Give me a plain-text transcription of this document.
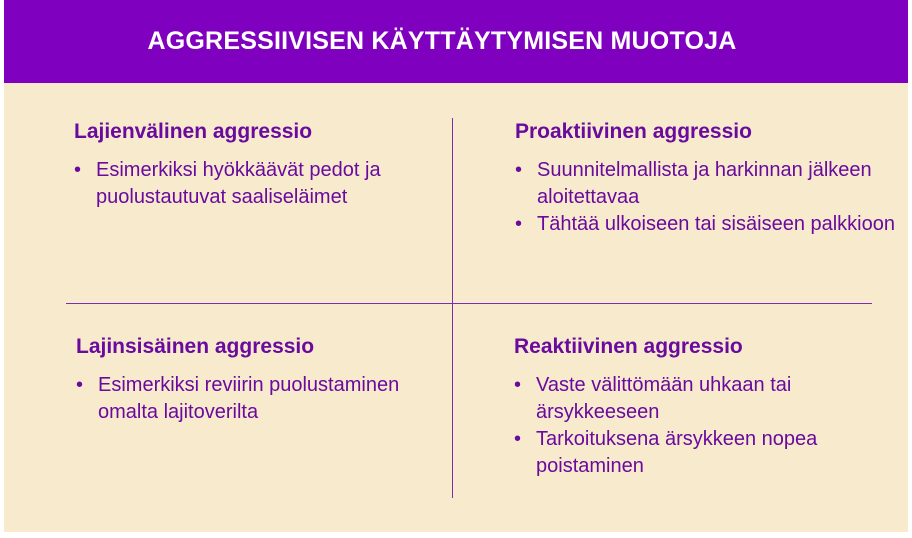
AGGRESSIIVISEN KÄYTTÄYTYMISEN MUOTOJA
Lajienvälinen aggressio
• Esimerkiksi hyökkäävät pedot ja puolustautuvat saaliseläimet
Proaktiivinen aggressio
• Suunnitelmallista ja harkinnan jälkeen aloitettavaa
• Tähtää ulkoiseen tai sisäiseen palkkioon
Lajinsisäinen aggressio
• Esimerkiksi reviirin puolustaminen omalta lajitoverilta
Reaktiivinen aggressio
• Vaste välittömään uhkaan tai ärsykkeeseen
• Tarkoituksena ärsykkeen nopea poistaminen
